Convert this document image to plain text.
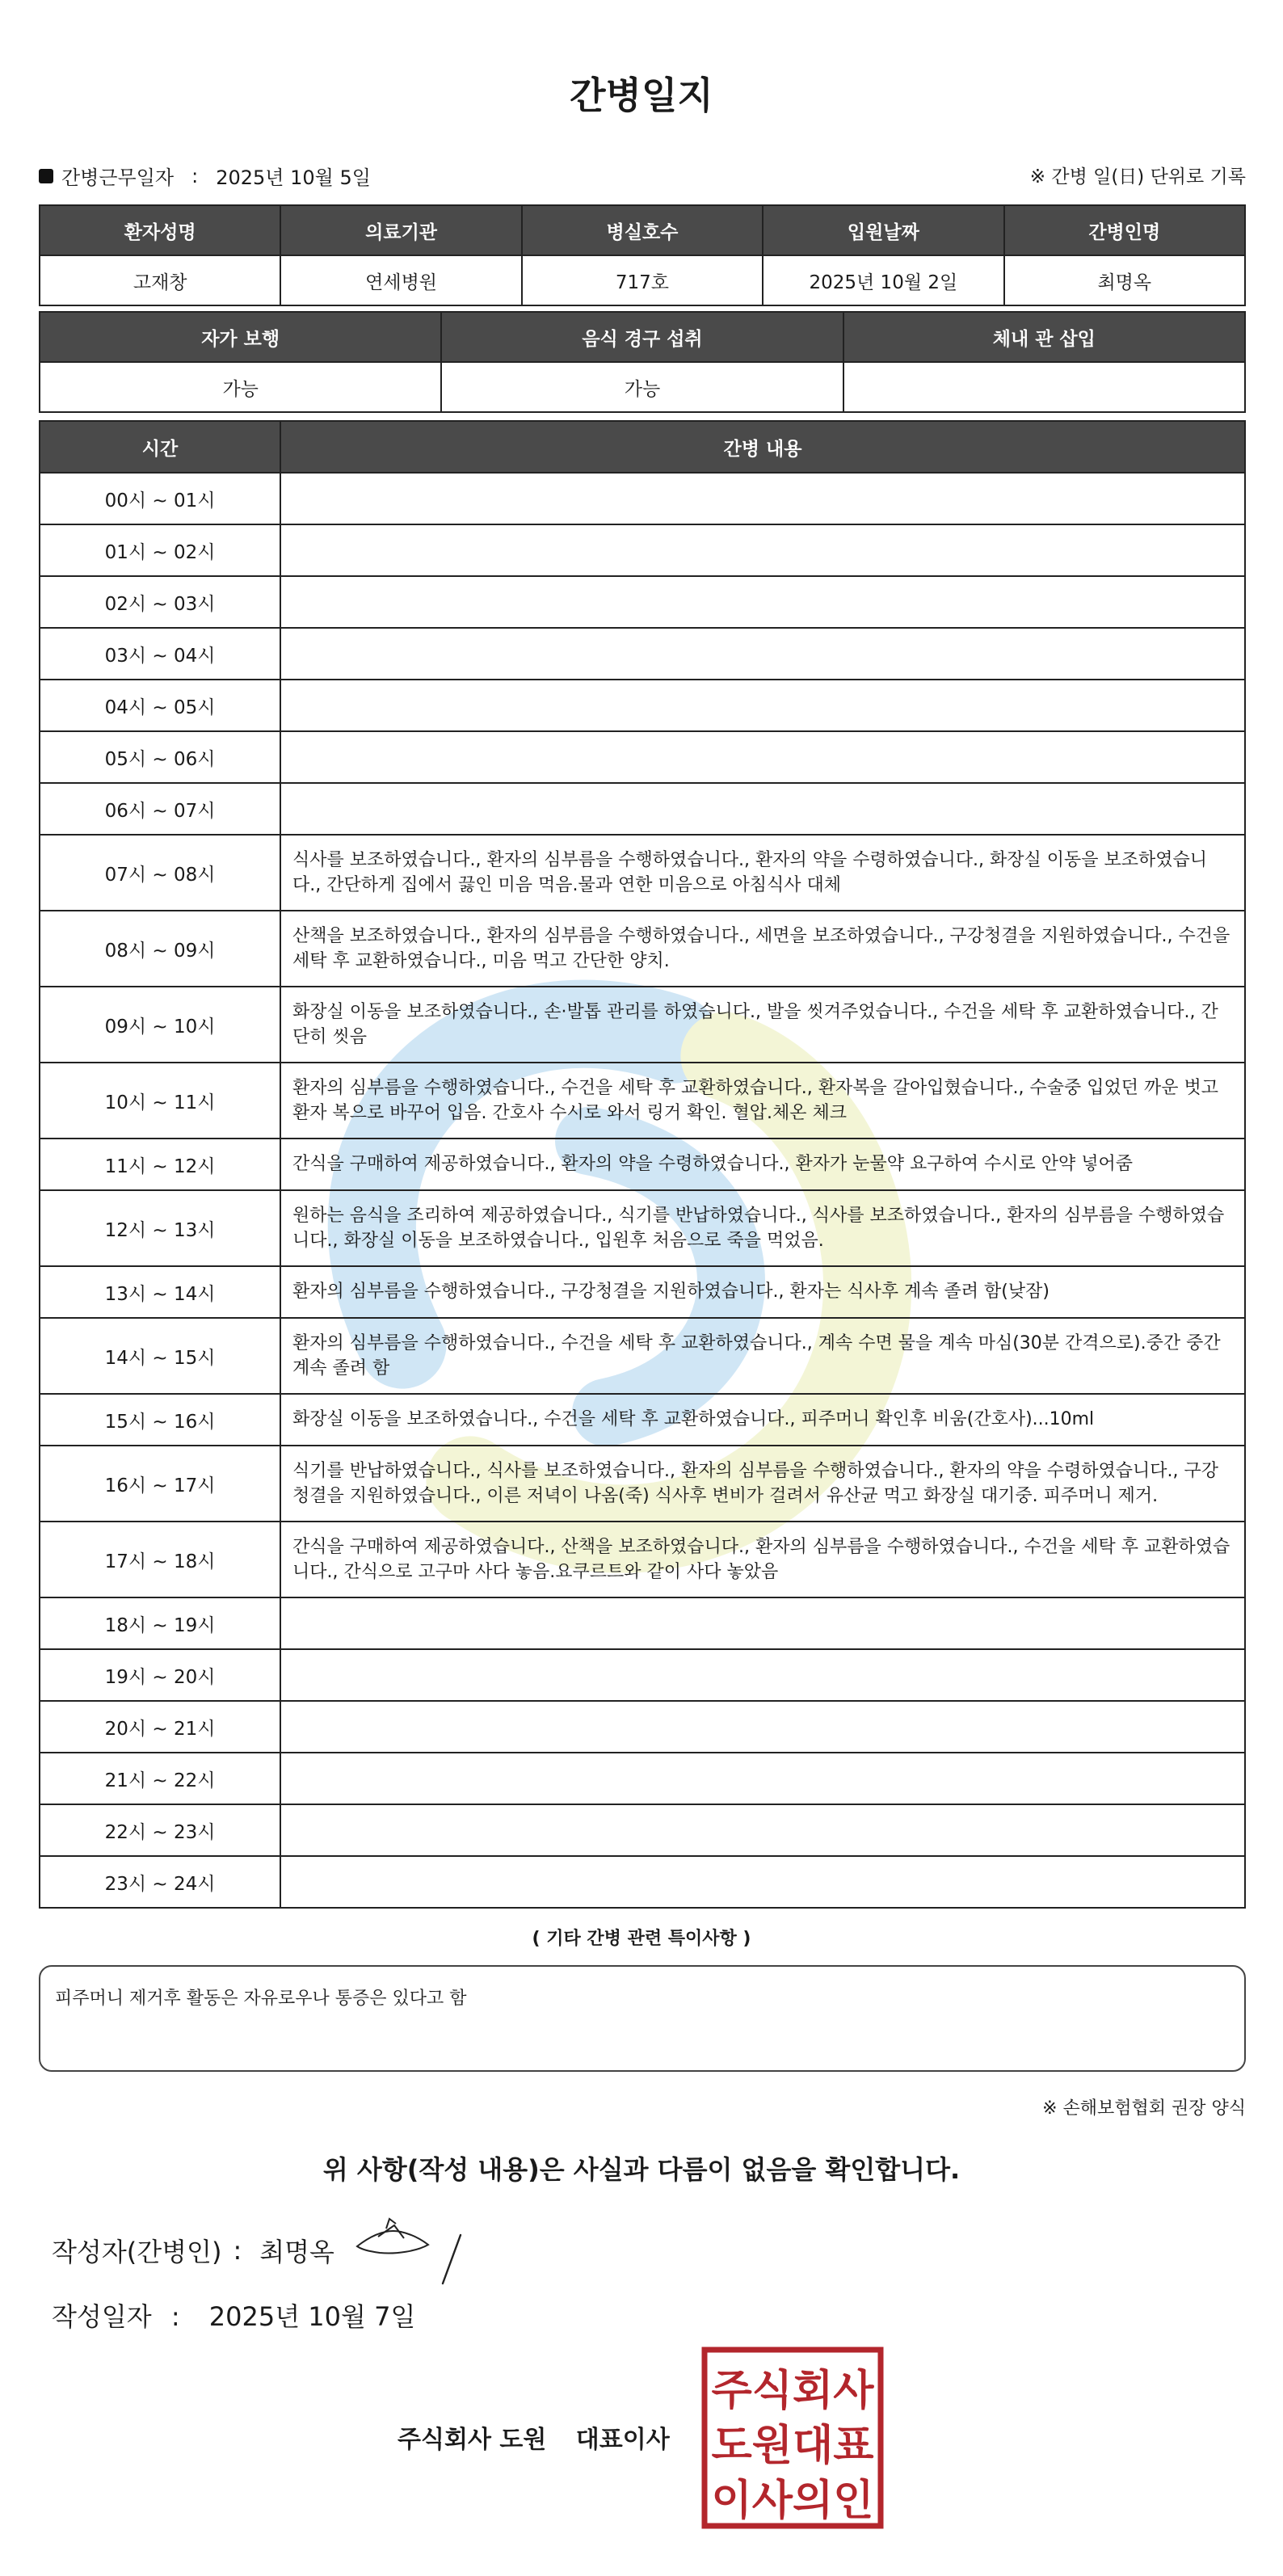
간병일지
간병근무일자 : 2025년 10월 5일	※ 간병 일(日) 단위로 기록
환자성명	의료기관	병실호수	입원날짜	간병인명
고재창	연세병원	717호	2025년 10월 2일	최명옥
자가 보행	음식 경구 섭취	체내 관 삽입
가능	가능	
시간	간병 내용
00시 ~ 01시	
01시 ~ 02시	
02시 ~ 03시	
03시 ~ 04시	
04시 ~ 05시	
05시 ~ 06시	
06시 ~ 07시	
07시 ~ 08시	식사를 보조하였습니다., 환자의 심부름을 수행하였습니다., 환자의 약을 수령하였습니다., 화장실 이동을 보조하였습니다., 간단하게 집에서 끓인 미음 먹음.물과 연한 미음으로 아침식사 대체
08시 ~ 09시	산책을 보조하였습니다., 환자의 심부름을 수행하였습니다., 세면을 보조하였습니다., 구강청결을 지원하였습니다., 수건을 세탁 후 교환하였습니다., 미음 먹고 간단한 양치.
09시 ~ 10시	화장실 이동을 보조하였습니다., 손·발톱 관리를 하였습니다., 발을 씻겨주었습니다., 수건을 세탁 후 교환하였습니다., 간단히 씻음
10시 ~ 11시	환자의 심부름을 수행하였습니다., 수건을 세탁 후 교환하였습니다., 환자복을 갈아입혔습니다., 수술중 입었던 까운 벗고 환자 복으로 바꾸어 입음. 간호사 수시로 와서 링거 확인. 혈압.체온 체크
11시 ~ 12시	간식을 구매하여 제공하였습니다., 환자의 약을 수령하였습니다., 환자가 눈물약 요구하여 수시로 안약 넣어줌
12시 ~ 13시	원하는 음식을 조리하여 제공하였습니다., 식기를 반납하였습니다., 식사를 보조하였습니다., 환자의 심부름을 수행하였습니다., 화장실 이동을 보조하였습니다., 입원후 처음으로 죽을 먹었음.
13시 ~ 14시	환자의 심부름을 수행하였습니다., 구강청결을 지원하였습니다., 환자는 식사후 계속 졸려 함(낮잠)
14시 ~ 15시	환자의 심부름을 수행하였습니다., 수건을 세탁 후 교환하였습니다., 계속 수면 물을 계속 마심(30분 간격으로).중간 중간 계속 졸려 함
15시 ~ 16시	화장실 이동을 보조하였습니다., 수건을 세탁 후 교환하였습니다., 피주머니 확인후 비움(간호사)...10ml
16시 ~ 17시	식기를 반납하였습니다., 식사를 보조하였습니다., 환자의 심부름을 수행하였습니다., 환자의 약을 수령하였습니다., 구강청결을 지원하였습니다., 이른 저녁이 나옴(죽) 식사후 변비가 걸려서 유산균 먹고 화장실 대기중. 피주머니 제거.
17시 ~ 18시	간식을 구매하여 제공하였습니다., 산책을 보조하였습니다., 환자의 심부름을 수행하였습니다., 수건을 세탁 후 교환하였습니다., 간식으로 고구마 사다 놓음.요쿠르트와 같이 사다 놓았음
18시 ~ 19시	
19시 ~ 20시	
20시 ~ 21시	
21시 ~ 22시	
22시 ~ 23시	
23시 ~ 24시	
( 기타 간병 관련 특이사항 )
피주머니 제거후 활동은 자유로우나 통증은 있다고 함
※ 손해보험협회 권장 양식
위 사항(작성 내용)은 사실과 다름이 없음을 확인합니다.
작성자(간병인) : 최명옥
작성일자 : 2025년 10월 7일
주식회사 도원 대표이사
주식회사
도원대표
이사의인
